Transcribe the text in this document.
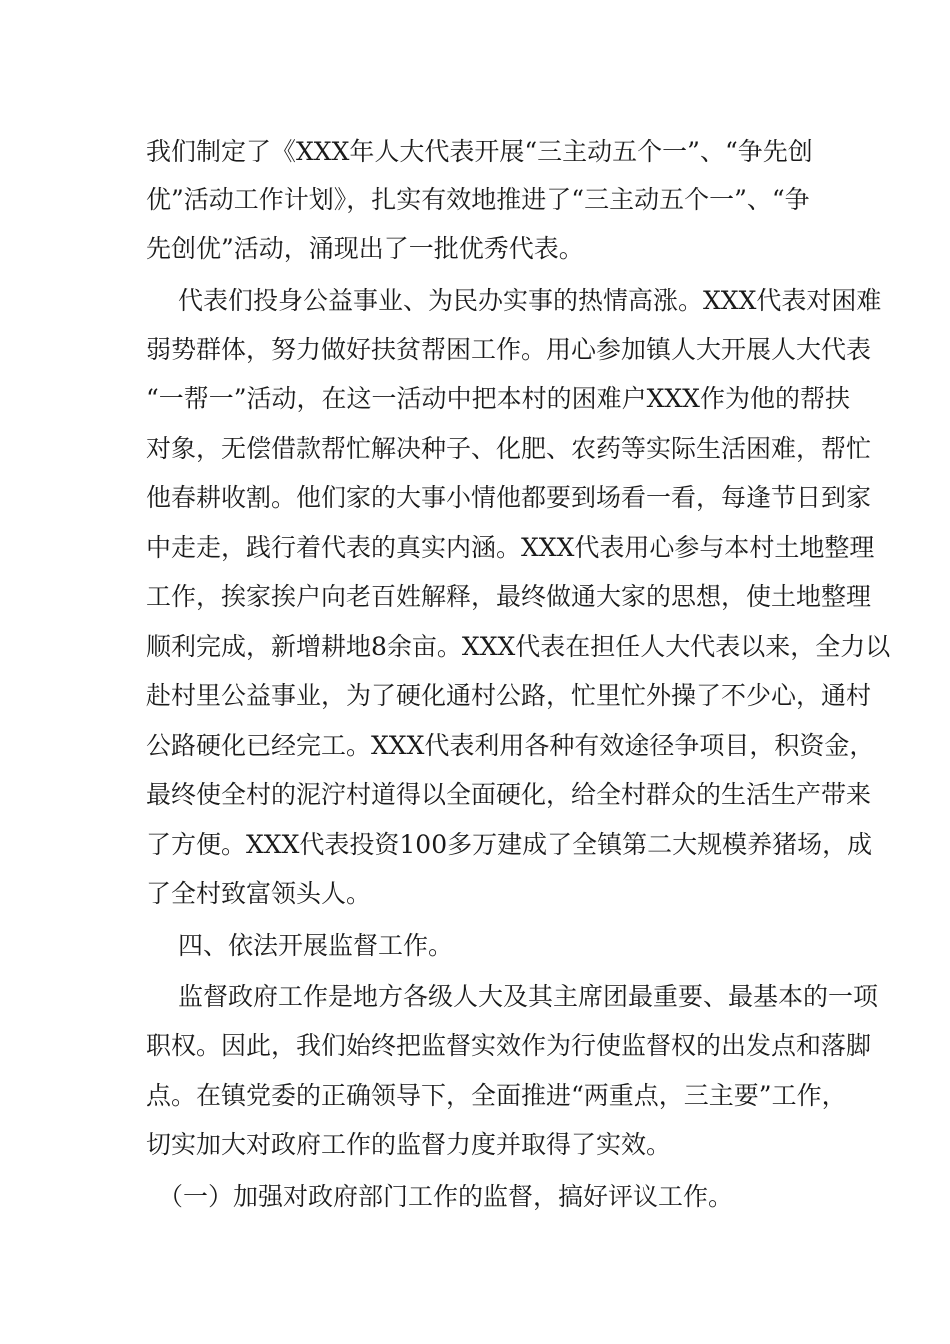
我们制定了《XXX年人大代表开展“三主动五个一”、“争先创
优”活动工作计划》，扎实有效地推进了“三主动五个一”、“争
先创优”活动，涌现出了一批优秀代表。
代表们投身公益事业、为民办实事的热情高涨。XXX代表对困难
弱势群体，努力做好扶贫帮困工作。用心参加镇人大开展人大代表
“一帮一”活动，在这一活动中把本村的困难户XXX作为他的帮扶
对象，无偿借款帮忙解决种子、化肥、农药等实际生活困难，帮忙
他春耕收割。他们家的大事小情他都要到场看一看，每逢节日到家
中走走，践行着代表的真实内涵。XXX代表用心参与本村土地整理
工作，挨家挨户向老百姓解释，最终做通大家的思想，使土地整理
顺利完成，新增耕地8余亩。XXX代表在担任人大代表以来，全力以
赴村里公益事业，为了硬化通村公路，忙里忙外操了不少心，通村
公路硬化已经完工。XXX代表利用各种有效途径争项目，积资金，
最终使全村的泥泞村道得以全面硬化，给全村群众的生活生产带来
了方便。XXX代表投资100多万建成了全镇第二大规模养猪场，成
了全村致富领头人。
四、依法开展监督工作。
监督政府工作是地方各级人大及其主席团最重要、最基本的一项
职权。因此，我们始终把监督实效作为行使监督权的出发点和落脚
点。在镇党委的正确领导下，全面推进“两重点，三主要”工作，
切实加大对政府工作的监督力度并取得了实效。
（一）加强对政府部门工作的监督，搞好评议工作。
